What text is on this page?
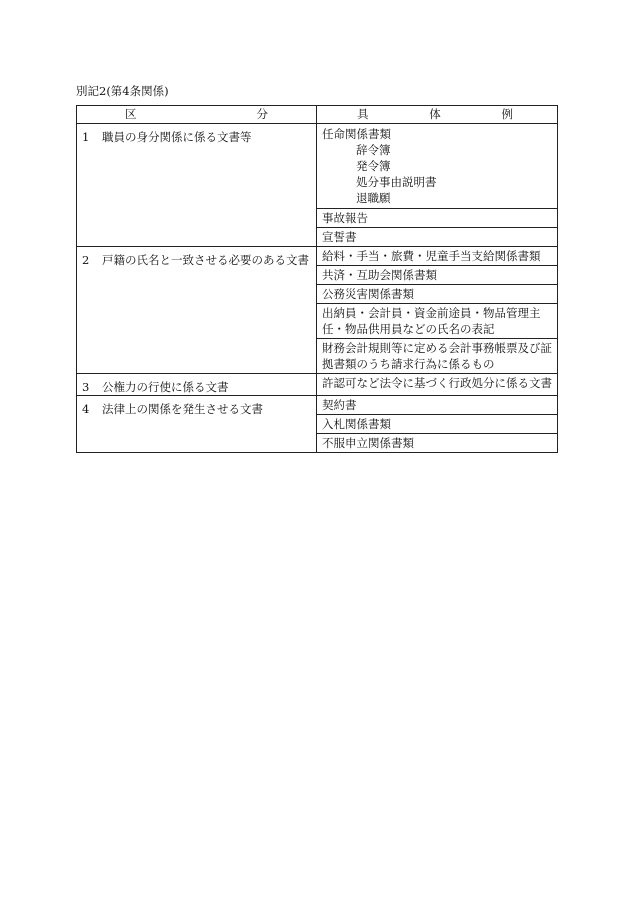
別記2(第4条関係)
区 分	具 体 例

1 職員の身分関係に係る文書等	任命関係書類
辞令簿
発令簿
処分事由説明書
退職願

	事故報告

	宣誓書

2 戸籍の氏名と一致させる必要のある文書	給料・手当・旅費・児童手当支給関係書類

	共済・互助会関係書類

	公務災害関係書類

	出納員・会計員・資金前途員・物品管理主任・物品供用員などの氏名の表記

	財務会計規則等に定める会計事務帳票及び証拠書類のうち請求行為に係るもの

3 公権力の行使に係る文書	許認可など法令に基づく行政処分に係る文書

4 法律上の関係を発生させる文書	契約書

	入札関係書類

	不服申立関係書類
